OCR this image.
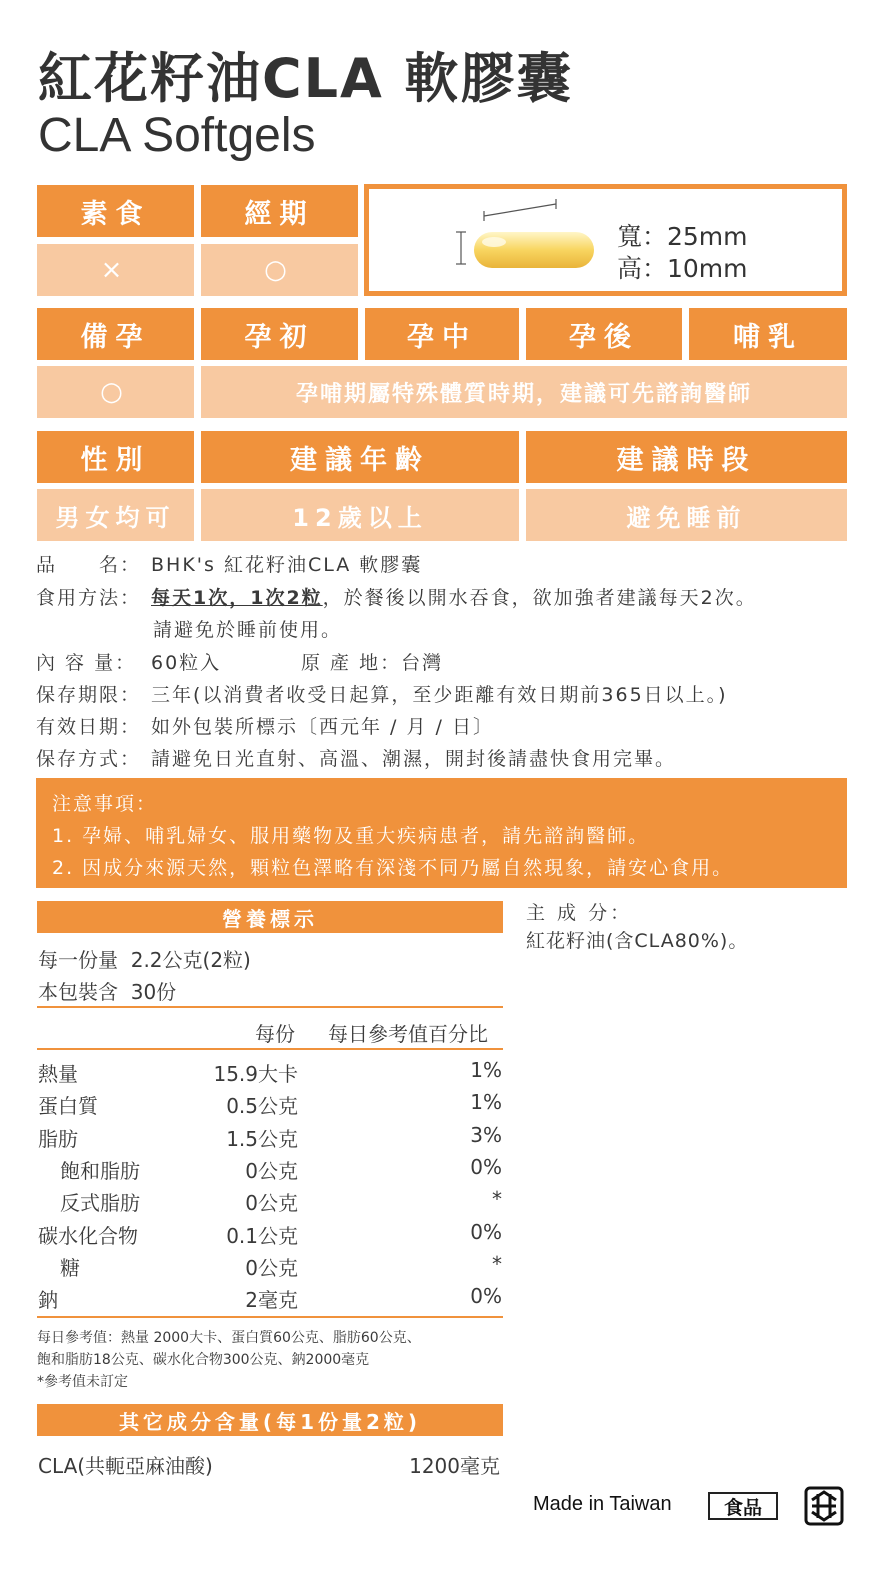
紅花籽油CLA 軟膠囊
CLA Softgels
素食	經期
×	○
寬：25mm
高：10mm
備孕	孕初	孕中	孕後	哺乳
○	孕哺期屬特殊體質時期，建議可先諮詢醫師
性別	建議年齡	建議時段
男女均可	12歲以上	避免睡前
品　　名： BHK's 紅花籽油CLA 軟膠囊
食用方法： 每天1次，1次2粒，於餐後以開水吞食，欲加強者建議每天2次。
請避免於睡前使用。
內 容 量： 60粒入	原 產 地：台灣
保存期限： 三年(以消費者收受日起算，至少距離有效日期前365日以上。)
有效日期： 如外包裝所標示〔西元年 / 月 / 日〕
保存方式： 請避免日光直射、高溫、潮濕，開封後請盡快食用完畢。
注意事項：
1. 孕婦、哺乳婦女、服用藥物及重大疾病患者，請先諮詢醫師。
2. 因成分來源天然，顆粒色澤略有深淺不同乃屬自然現象，請安心食用。
主 成 分：
紅花籽油(含CLA80%)。
營養標示
每一份量 2.2公克(2粒)
本包裝含 30份
每份 每日參考值百分比
熱量	15.9大卡	1%
蛋白質	0.5公克	1%
脂肪	1.5公克	3%
飽和脂肪	0公克	0%
反式脂肪	0公克	*
碳水化合物	0.1公克	0%
糖	0公克	*
鈉	2毫克	0%
每日參考值：熱量 2000大卡、蛋白質60公克、脂肪60公克、
飽和脂肪18公克、碳水化合物300公克、鈉2000毫克
*參考值未訂定
其它成分含量(每1份量2粒)
CLA(共軛亞麻油酸)	1200毫克
Made in Taiwan	食品
